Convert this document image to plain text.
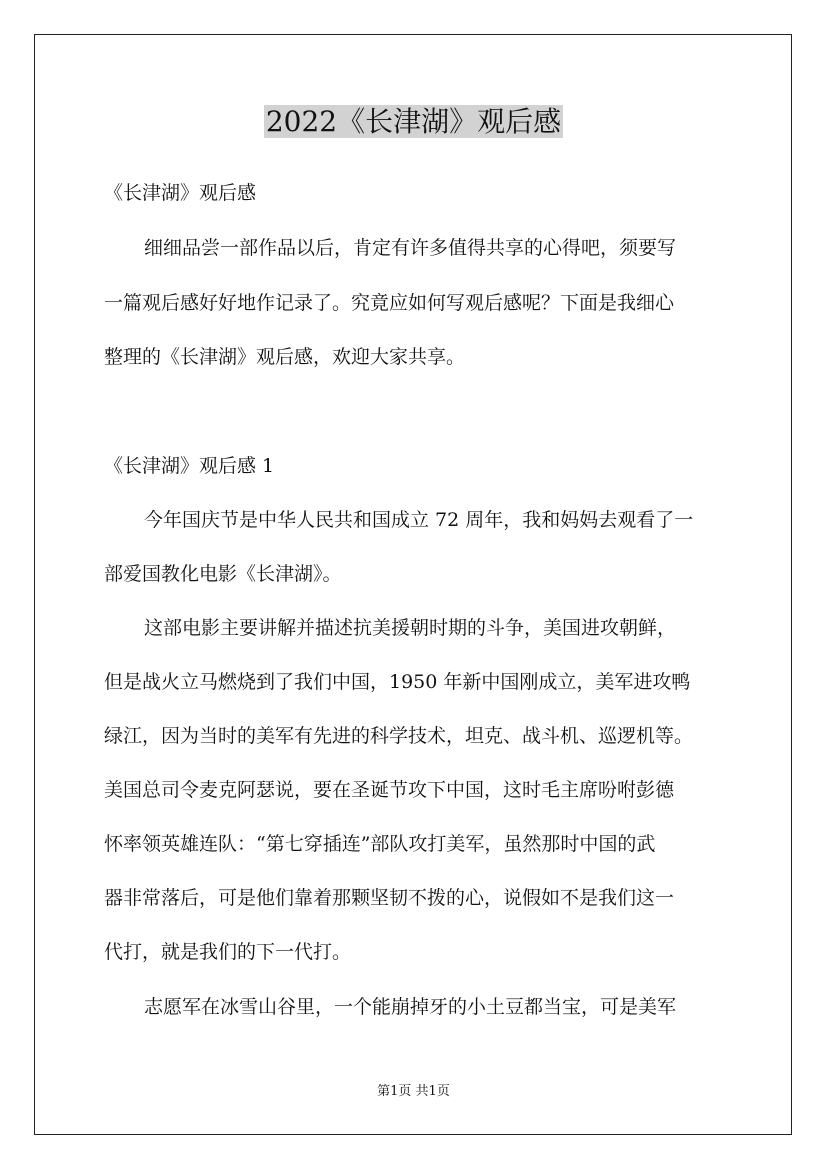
2022《长津湖》观后感

《长津湖》观后感

细细品尝一部作品以后，肯定有许多值得共享的心得吧，须要写

一篇观后感好好地作记录了。究竟应如何写观后感呢？下面是我细心

整理的《长津湖》观后感，欢迎大家共享。

《长津湖》观后感 1

今年国庆节是中华人民共和国成立 72 周年，我和妈妈去观看了一

部爱国教化电影《长津湖》。

这部电影主要讲解并描述抗美援朝时期的斗争，美国进攻朝鲜，

但是战火立马燃烧到了我们中国，1950 年新中国刚成立，美军进攻鸭

绿江，因为当时的美军有先进的科学技术，坦克、战斗机、巡逻机等。

美国总司令麦克阿瑟说，要在圣诞节攻下中国，这时毛主席吩咐彭德

怀率领英雄连队：“第七穿插连”部队攻打美军，虽然那时中国的武

器非常落后，可是他们靠着那颗坚韧不拨的心，说假如不是我们这一

代打，就是我们的下一代打。

志愿军在冰雪山谷里，一个能崩掉牙的小土豆都当宝，可是美军

第1页 共1页
